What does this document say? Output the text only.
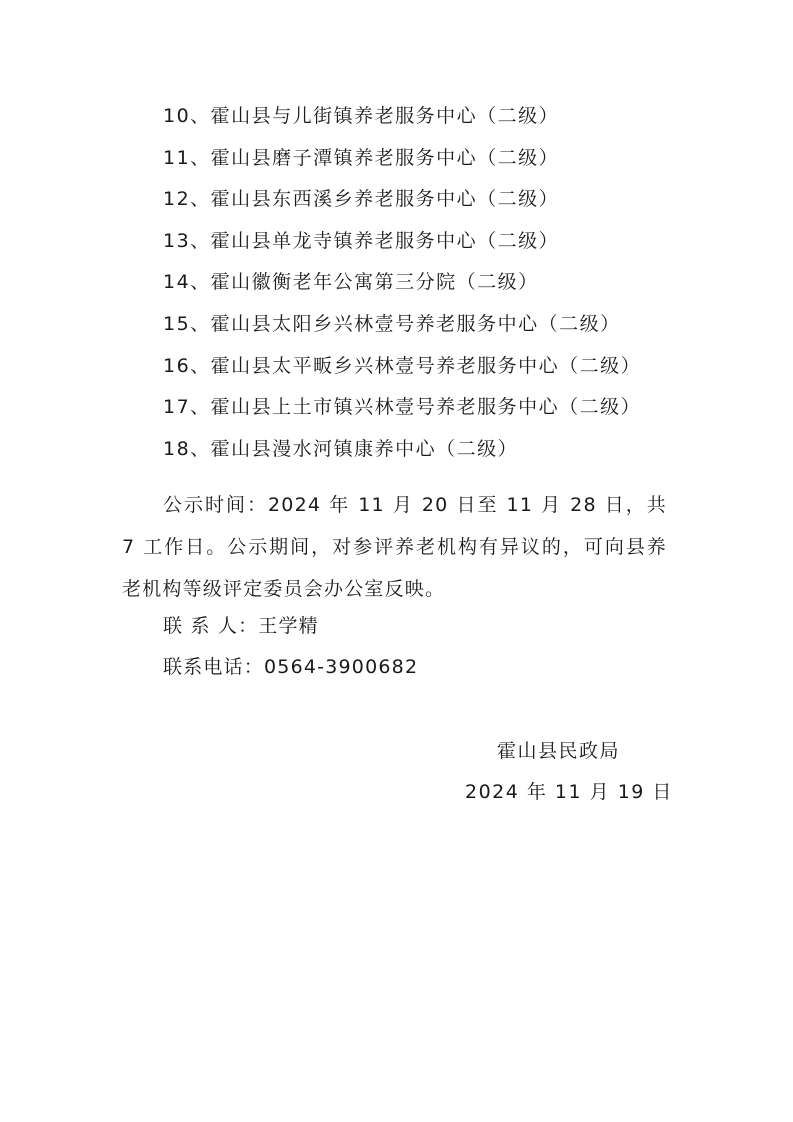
10、霍山县与儿街镇养老服务中心（二级）
11、霍山县磨子潭镇养老服务中心（二级）
12、霍山县东西溪乡养老服务中心（二级）
13、霍山县单龙寺镇养老服务中心（二级）
14、霍山徽衡老年公寓第三分院（二级）
15、霍山县太阳乡兴林壹号养老服务中心（二级）
16、霍山县太平畈乡兴林壹号养老服务中心（二级）
17、霍山县上土市镇兴林壹号养老服务中心（二级）
18、霍山县漫水河镇康养中心（二级）

公示时间：2024 年 11 月 20 日至 11 月 28 日，共 7 工作日。公示期间，对参评养老机构有异议的，可向县养老机构等级评定委员会办公室反映。

联 系 人：王学精
联系电话：0564-3900682
霍山县民政局
2024 年 11 月 19 日
